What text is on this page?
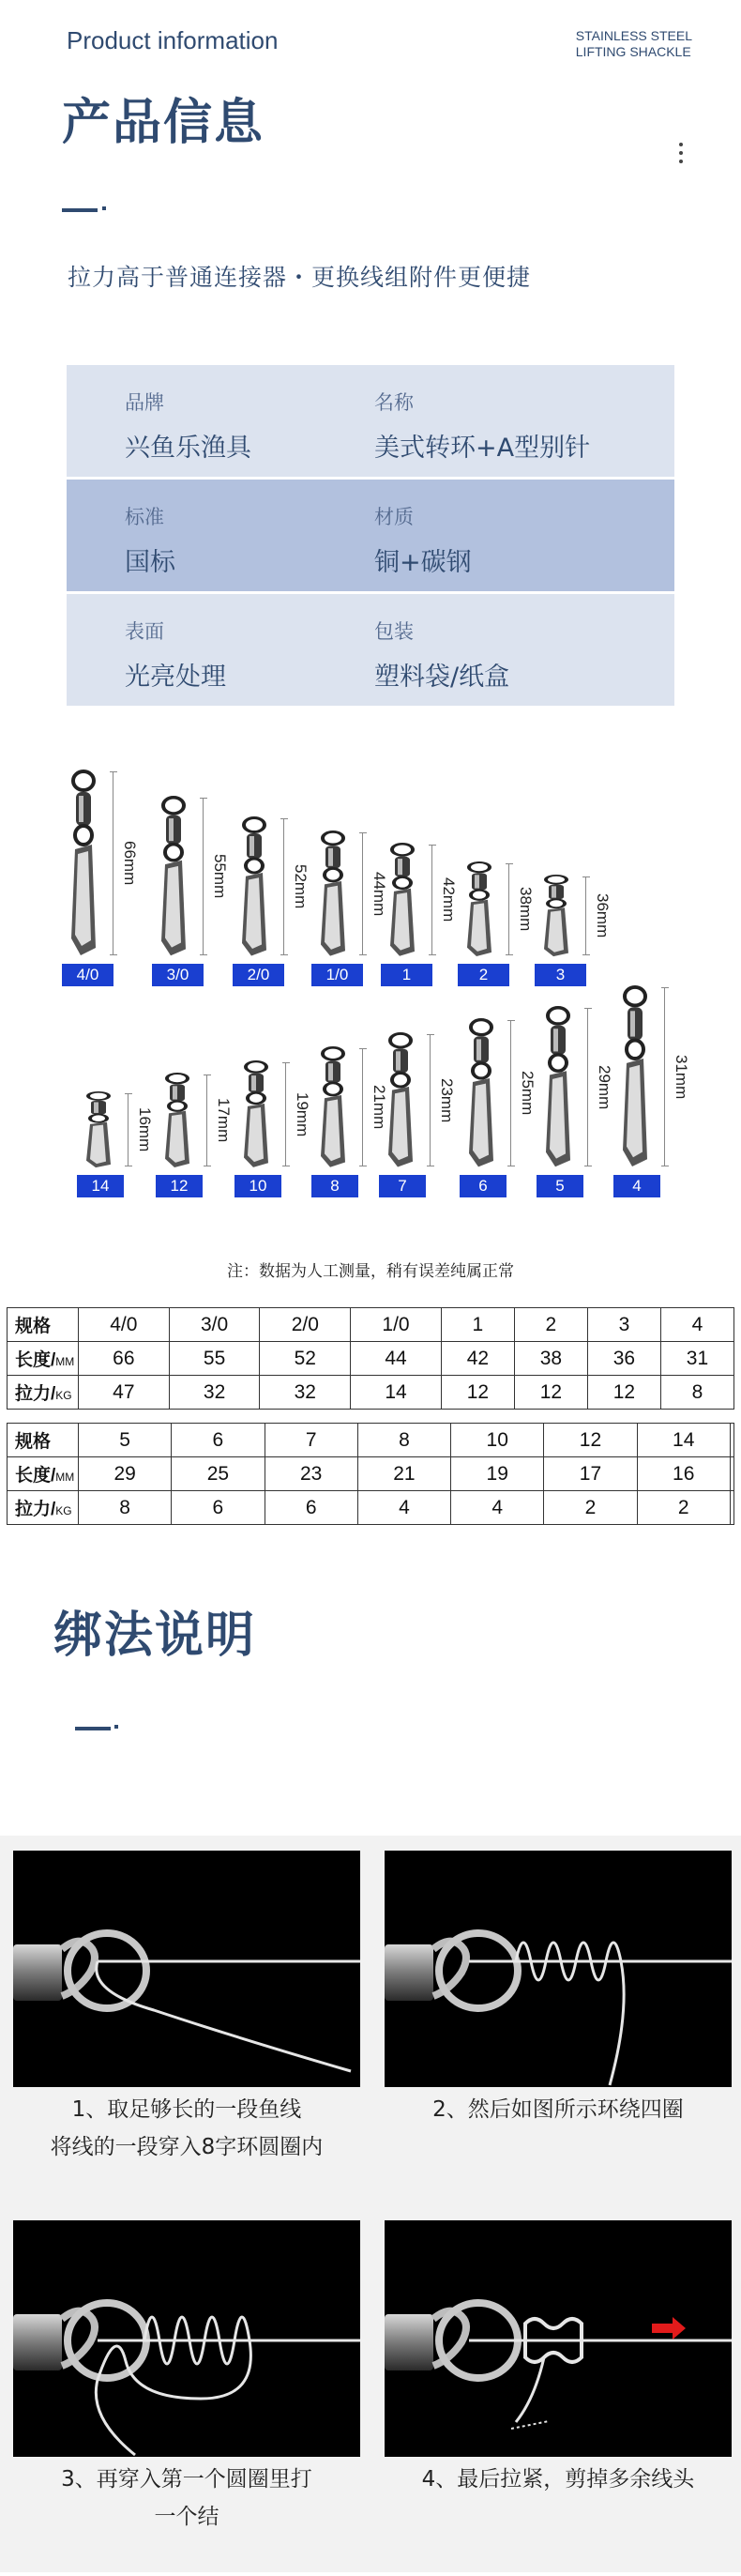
Product information	STAINLESS STEEL
LIFTING SHACKLE
产品信息
拉力高于普通连接器・更换线组附件更便捷
品牌
兴鱼乐渔具
名称
美式转环+A型别针
标准
国标
材质
铜+碳钢
表面
光亮处理
包装
塑料袋/纸盒
66mm
4/0
55mm
3/0
52mm
2/0
44mm
1/0
42mm
1
38mm
2
36mm
3
16mm
14
17mm
12
19mm
10
21mm
8
23mm
7
25mm
6
29mm
5
31mm
4
注：数据为人工测量，稍有误差纯属正常
规格	4/0	3/0	2/0	1/0	1	2	3	4
长度/MM	66	55	52	44	42	38	36	31
拉力/KG	47	32	32	14	12	12	12	8
规格	5	6	7	8	10	12	14	
长度/MM	29	25	23	21	19	17	16	
拉力/KG	8	6	6	4	4	2	2	
绑法说明
1、取足够长的一段鱼线
将线的一段穿入8字环圆圈内
2、然后如图所示环绕四圈
3、再穿入第一个圆圈里打
一个结
4、最后拉紧，剪掉多余线头
